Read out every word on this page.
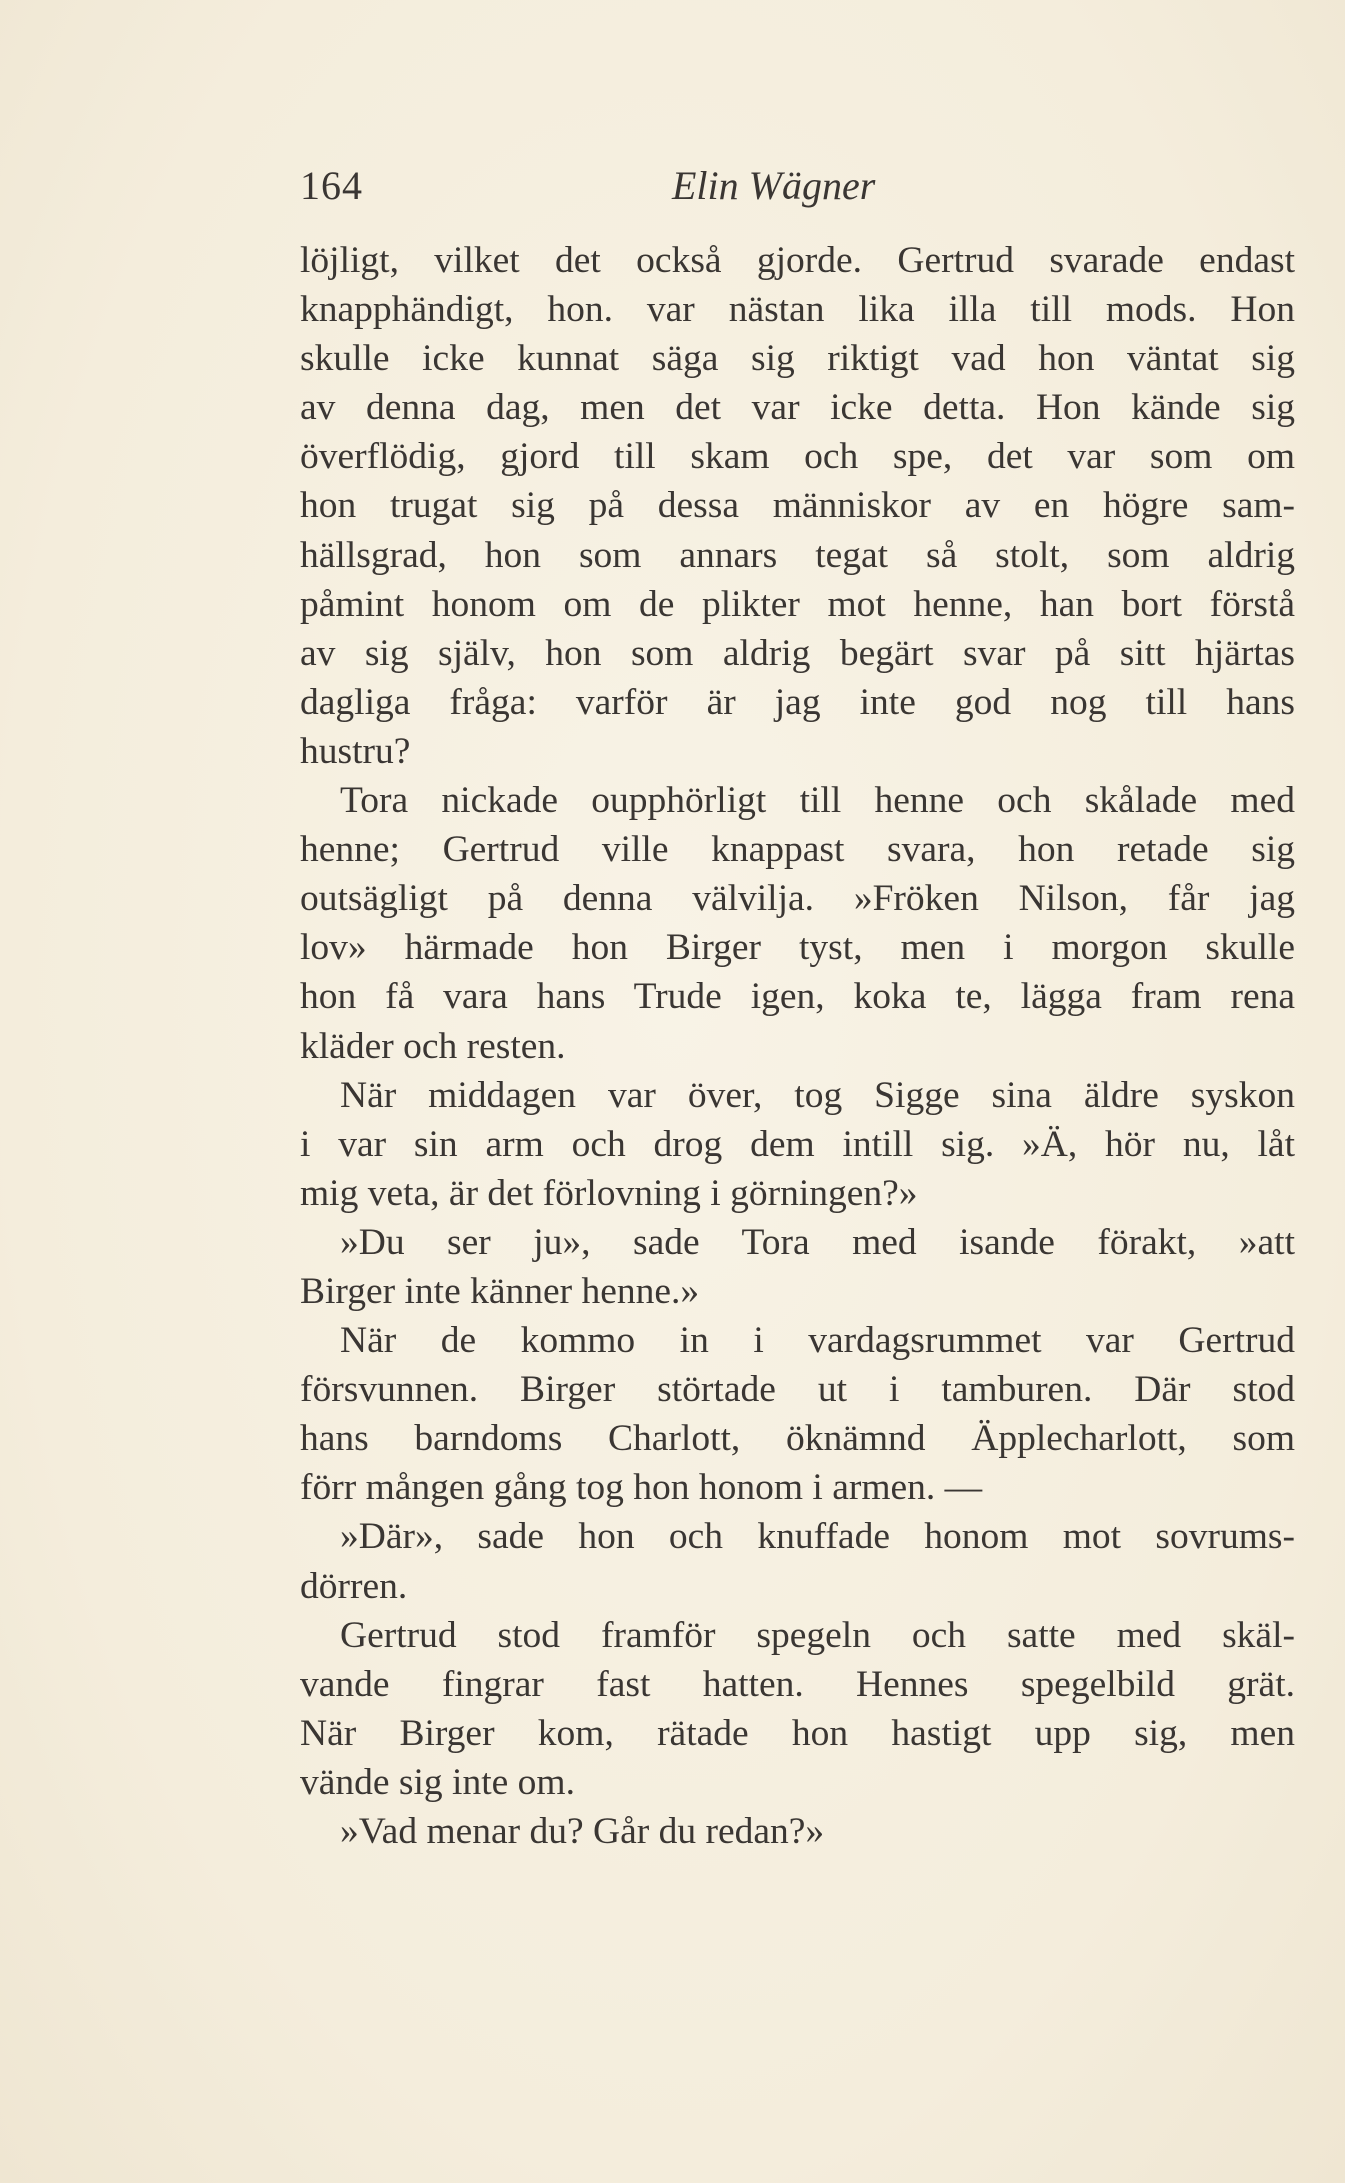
164	Elin Wägner
löjligt, vilket det också gjorde. Gertrud svarade endast
knapphändigt, hon. var nästan lika illa till mods. Hon
skulle icke kunnat säga sig riktigt vad hon väntat sig
av denna dag, men det var icke detta. Hon kände sig
överflödig, gjord till skam och spe, det var som om
hon trugat sig på dessa människor av en högre sam-
hällsgrad, hon som annars tegat så stolt, som aldrig
påmint honom om de plikter mot henne, han bort förstå
av sig själv, hon som aldrig begärt svar på sitt hjärtas
dagliga fråga: varför är jag inte god nog till hans
hustru?
Tora nickade oupphörligt till henne och skålade med
henne; Gertrud ville knappast svara, hon retade sig
outsägligt på denna välvilja. »Fröken Nilson, får jag
lov» härmade hon Birger tyst, men i morgon skulle
hon få vara hans Trude igen, koka te, lägga fram rena
kläder och resten.
När middagen var över, tog Sigge sina äldre syskon
i var sin arm och drog dem intill sig. »Ä, hör nu, låt
mig veta, är det förlovning i görningen?»
»Du ser ju», sade Tora med isande förakt, »att
Birger inte känner henne.»
När de kommo in i vardagsrummet var Gertrud
försvunnen. Birger störtade ut i tamburen. Där stod
hans barndoms Charlott, öknämnd Äpplecharlott, som
förr mången gång tog hon honom i armen. —
»Där», sade hon och knuffade honom mot sovrums-
dörren.
Gertrud stod framför spegeln och satte med skäl-
vande fingrar fast hatten. Hennes spegelbild grät.
När Birger kom, rätade hon hastigt upp sig, men
vände sig inte om.
»Vad menar du? Går du redan?»
